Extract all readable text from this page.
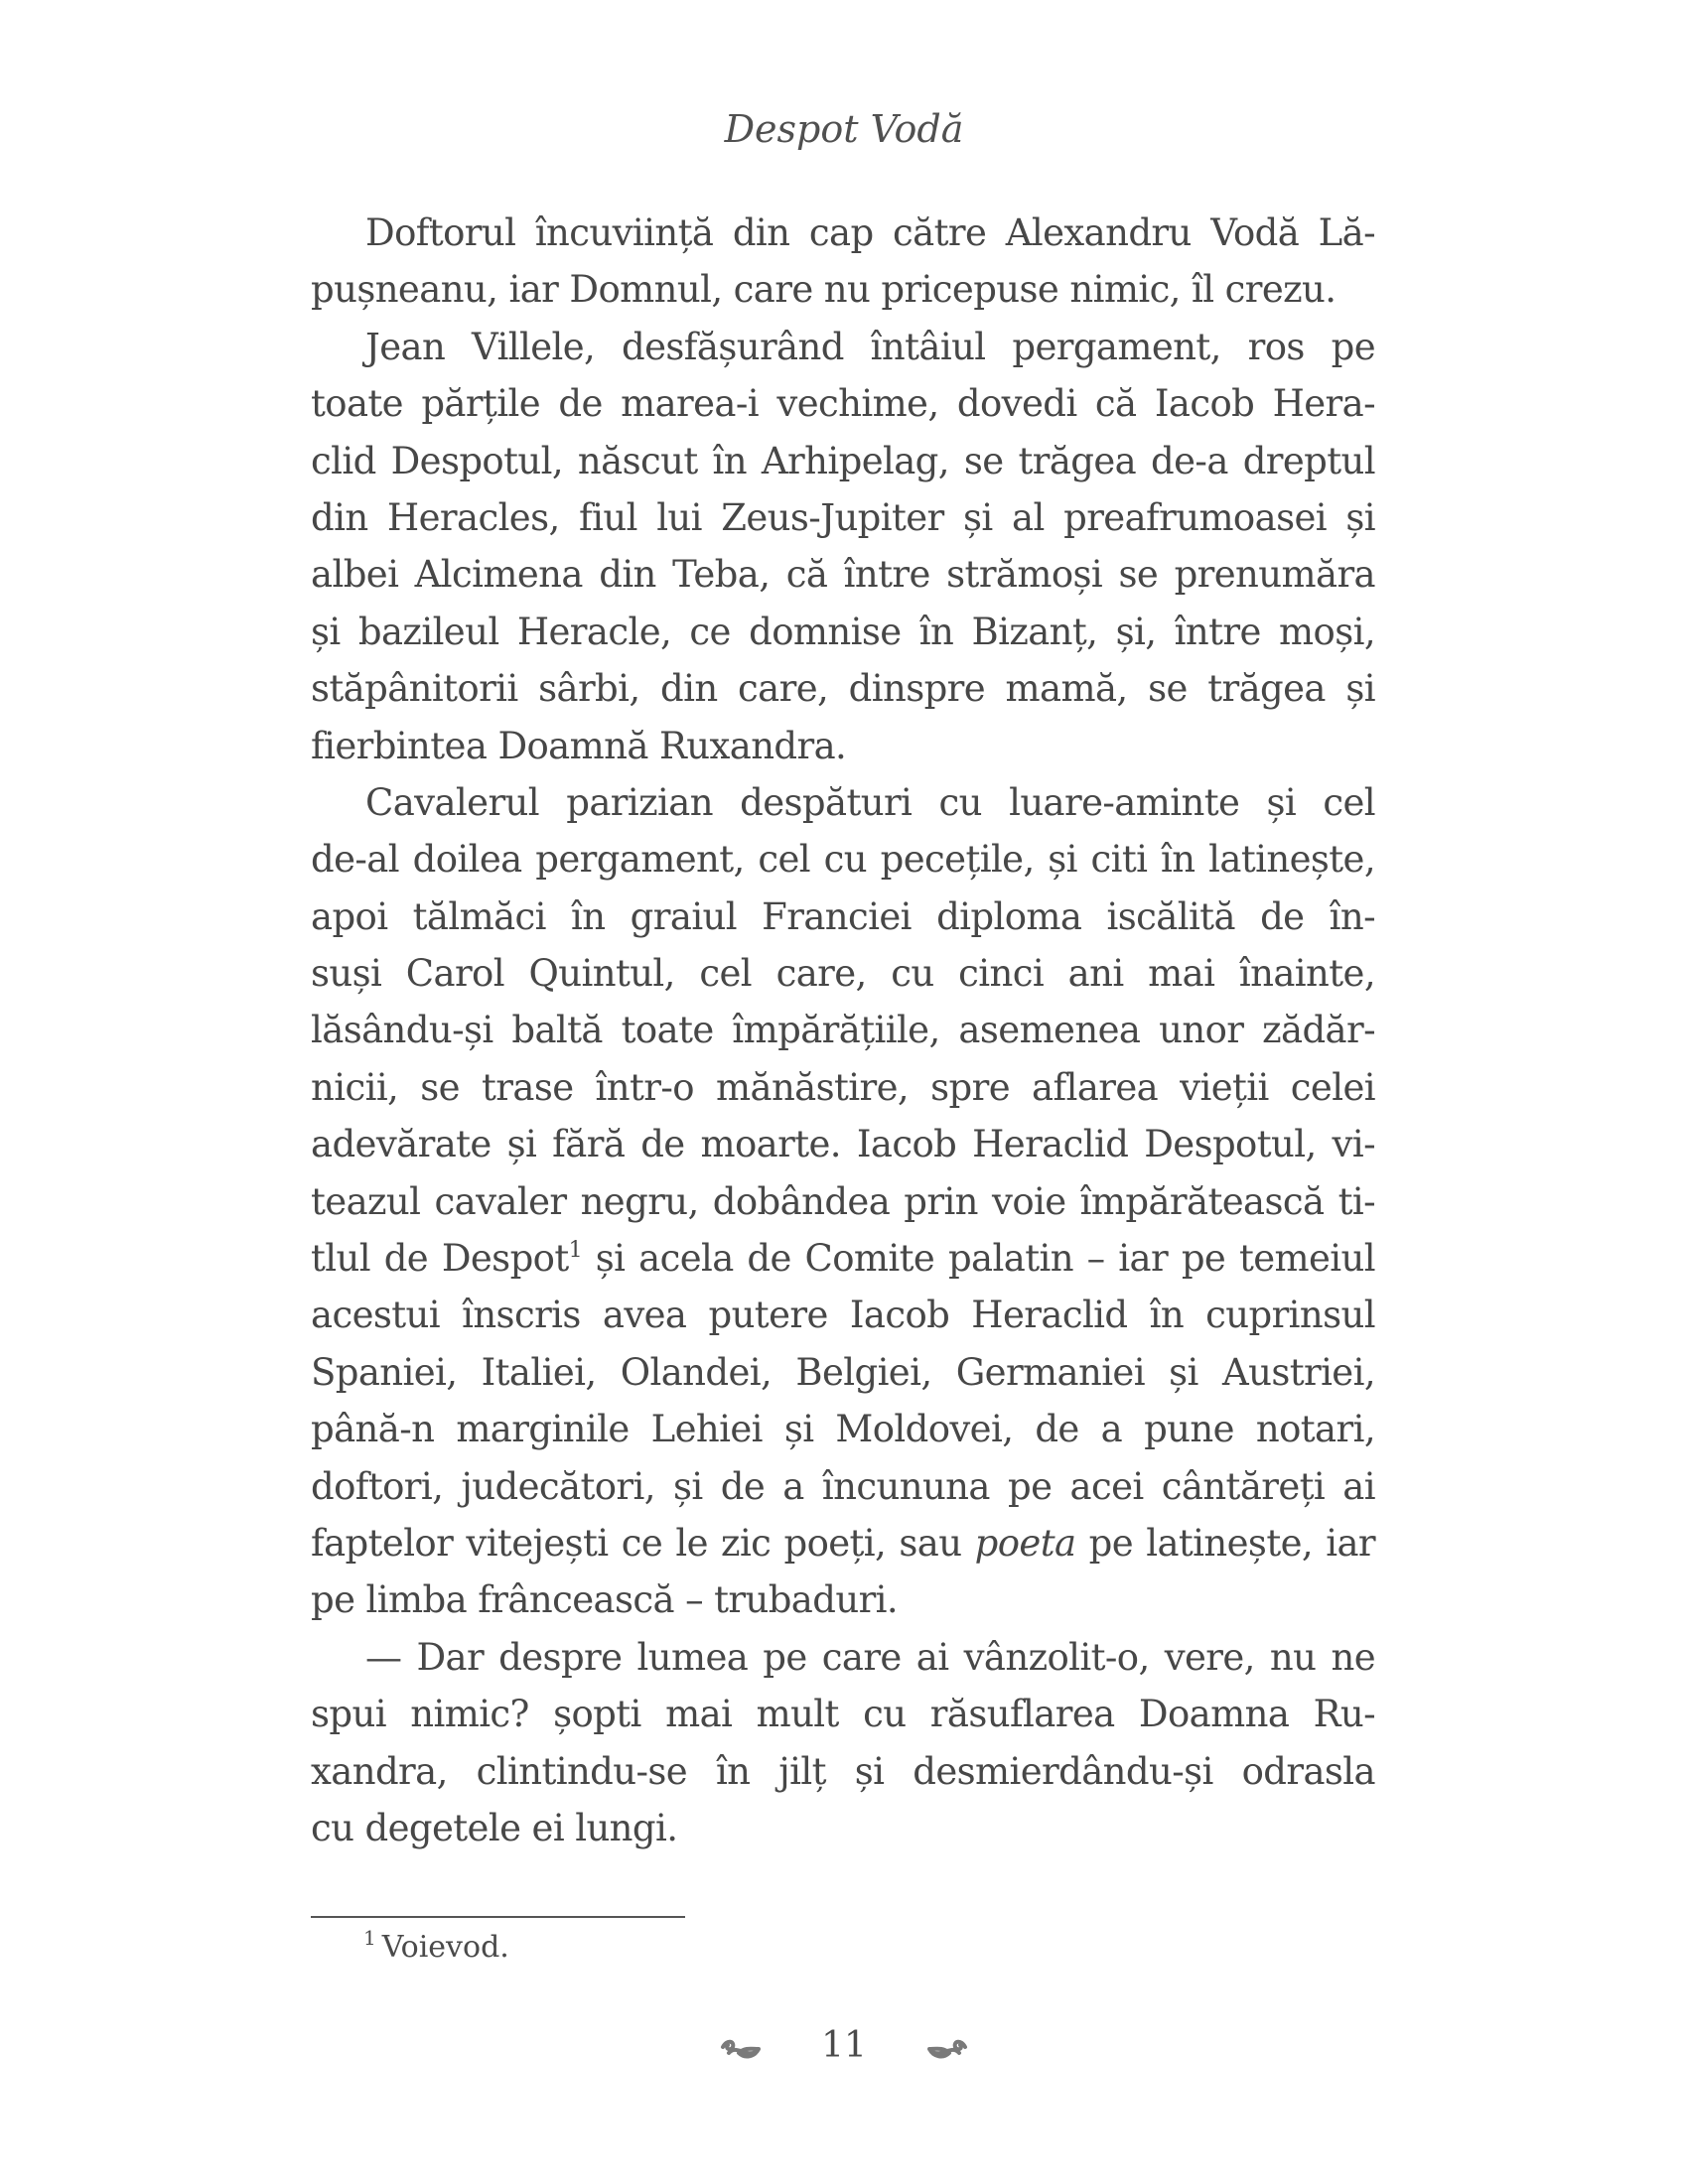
Despot Vodă
Doftorul încuviință din cap către Alexandru Vodă Lă-
pușneanu, iar Domnul, care nu pricepuse nimic, îl crezu.
Jean Villele, desfășurând întâiul pergament, ros pe
toate părțile de marea-i vechime, dovedi că Iacob Hera-
clid Despotul, născut în Arhipelag, se trăgea de-a dreptul
din Heracles, fiul lui Zeus-Jupiter și al preafrumoasei și
albei Alcimena din Teba, că între strămoși se prenumăra
și bazileul Heracle, ce domnise în Bizanț, și, între moși,
stăpânitorii sârbi, din care, dinspre mamă, se trăgea și
fierbintea Doamnă Ruxandra.
Cavalerul parizian despături cu luare-aminte și cel
de-al doilea pergament, cel cu pecețile, și citi în latinește,
apoi tălmăci în graiul Franciei diploma iscălită de în-
suși Carol Quintul, cel care, cu cinci ani mai înainte,
lăsându-și baltă toate împărățiile, asemenea unor zădăr-
nicii, se trase într-o mănăstire, spre aflarea vieții celei
adevărate și fără de moarte. Iacob Heraclid Despotul, vi-
teazul cavaler negru, dobândea prin voie împărătească ti-
tlul de Despot$^1$ și acela de Comite palatin – iar pe temeiul
acestui înscris avea putere Iacob Heraclid în cuprinsul
Spaniei, Italiei, Olandei, Belgiei, Germaniei și Austriei,
până-n marginile Lehiei și Moldovei, de a pune notari,
doftori, judecători, și de a încununa pe acei cântăreți ai
faptelor vitejești ce le zic poeți, sau poeta pe latinește, iar
pe limba frâncească – trubaduri.
— Dar despre lumea pe care ai vânzolit-o, vere, nu ne
spui nimic? șopti mai mult cu răsuflarea Doamna Ru-
xandra, clintindu-se în jilț și desmierdându-și odrasla
cu degetele ei lungi.
$^1$ Voievod.
11
